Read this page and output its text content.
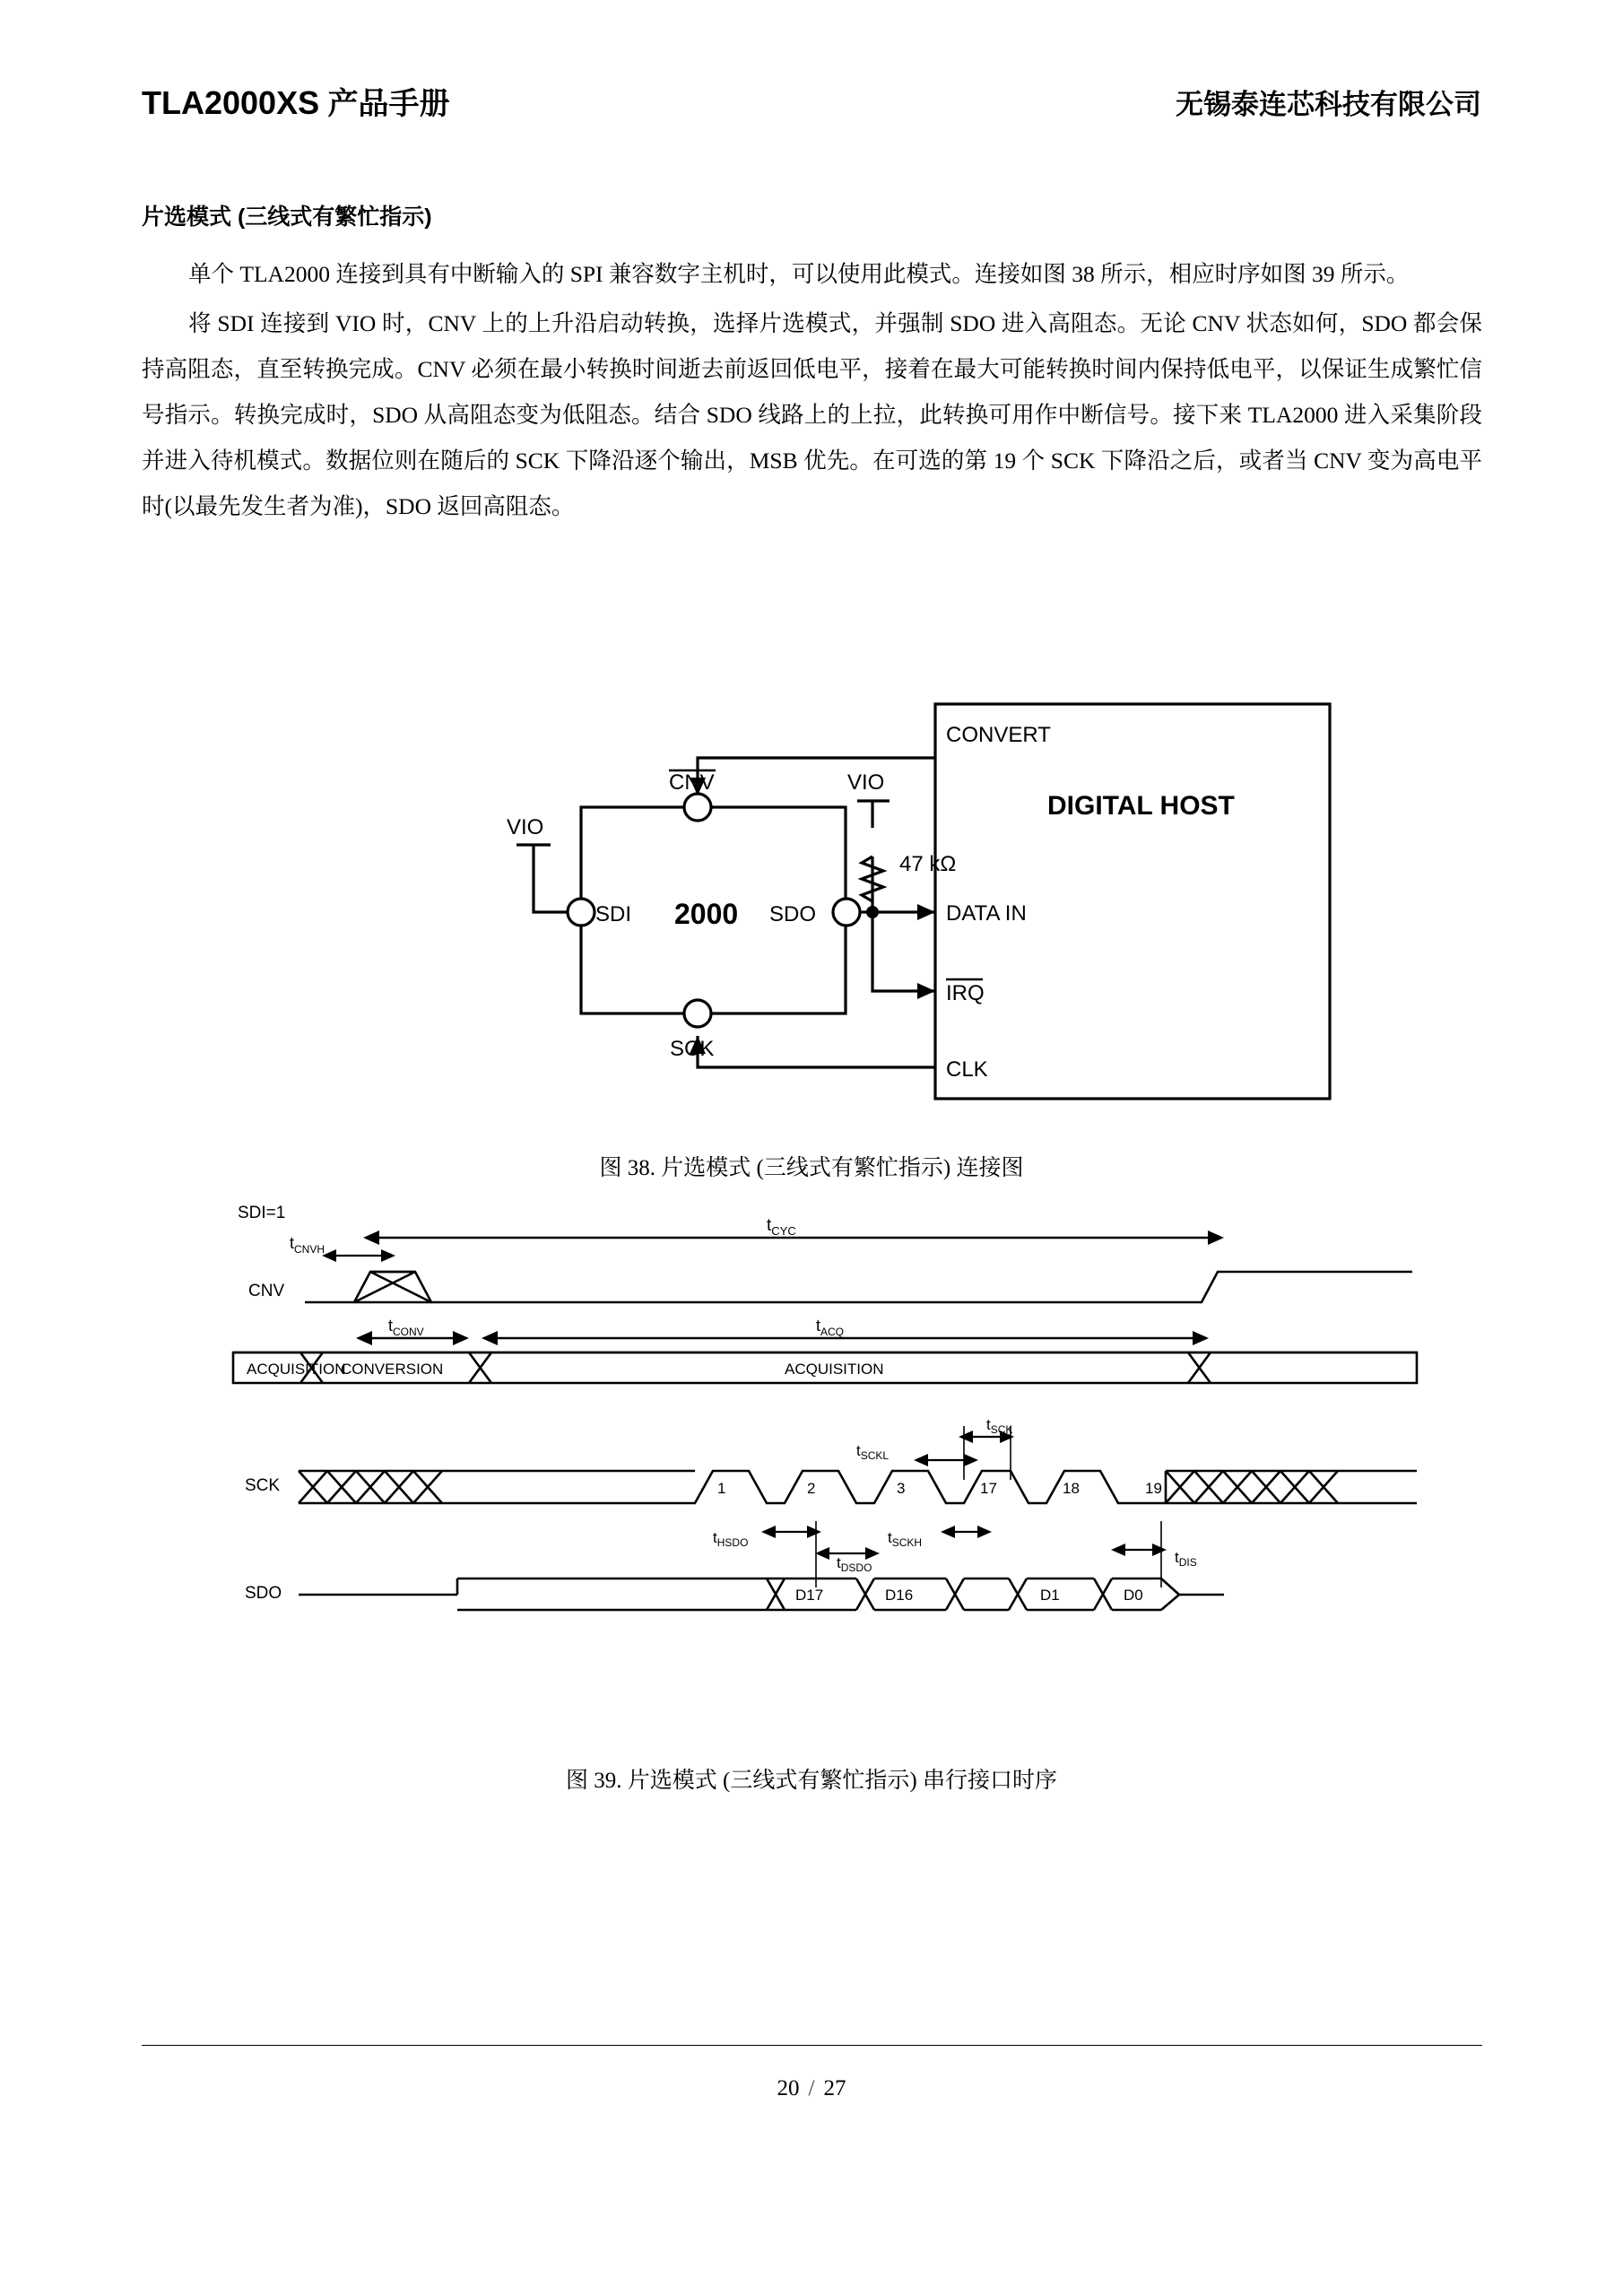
TLA2000XS 产品手册	无锡泰连芯科技有限公司
片选模式 (三线式有繁忙指示)

单个 TLA2000 连接到具有中断输入的 SPI 兼容数字主机时，可以使用此模式。连接如图 38 所示，相应时序如图 39 所示。

将 SDI 连接到 VIO 时，CNV 上的上升沿启动转换，选择片选模式，并强制 SDO 进入高阻态。无论 CNV 状态如何，SDO 都会保持高阻态，直至转换完成。CNV 必须在最小转换时间逝去前返回低电平，接着在最大可能转换时间内保持低电平，以保证生成繁忙信号指示。转换完成时，SDO 从高阻态变为低阻态。结合 SDO 线路上的上拉，此转换可用作中断信号。接下来 TLA2000 进入采集阶段并进入待机模式。数据位则在随后的 SCK 下降沿逐个输出，MSB 优先。在可选的第 19 个 SCK 下降沿之后，或者当 CNV 变为高电平时(以最先发生者为准)，SDO 返回高阻态。

CONVERT
DIGITAL HOST
DATA IN
IRQ
CLK
VIO
SDI 2000 SDO
CNV
SCK
VIO
47 kΩ
图 38. 片选模式 (三线式有繁忙指示) 连接图
SDI=1
$t_{CYC}$
CNV
$t_{CNVH}$
$t_{CONV}$	$t_{ACQ}$
ACQUISITION
CONVERSION	ACQUISITION
$t_{SCK}$
$t_{SCKL}$
SCK	1	2	3	17	18	19
$t_{HSDO}$
$t_{DSDO}$
$t_{SCKH}$
$t_{DIS}$
SDO	D17	D16	D1	D0
图 39. 片选模式 (三线式有繁忙指示) 串行接口时序
20 / 27
